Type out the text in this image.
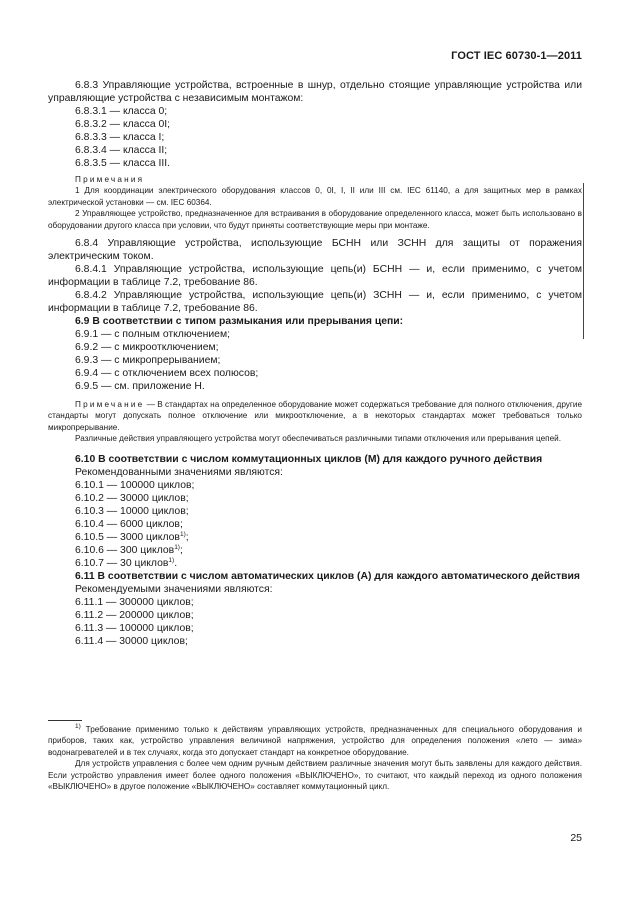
ГОСТ IEC 60730-1—2011

6.8.3 Управляющие устройства, встроенные в шнур, отдельно стоящие управляющие устройства или управляющие устройства с независимым монтажом:

6.8.3.1 — класса 0;
6.8.3.2 — класса 0I;
6.8.3.3 — класса I;
6.8.3.4 — класса II;
6.8.3.5 — класса III.

Примечания

1 Для координации электрического оборудования классов 0, 0I, I, II или III см. IEC 61140, а для защитных мер в рамках электрической установки — см. IEC 60364.

2 Управляющее устройство, предназначенное для встраивания в оборудование определенного класса, может быть использовано в оборудовании другого класса при условии, что будут приняты соответствующие меры при монтаже.

6.8.4 Управляющие устройства, использующие БСНН или ЗСНН для защиты от поражения электрическим током.

6.8.4.1 Управляющие устройства, использующие цепь(и) БСНН — и, если применимо, с учетом информации в таблице 7.2, требование 86.

6.8.4.2 Управляющие устройства, использующие цепь(и) ЗСНН — и, если применимо, с учетом информации в таблице 7.2, требование 86.

6.9 В соответствии с типом размыкания или прерывания цепи:

6.9.1 — с полным отключением;
6.9.2 — с микроотключением;
6.9.3 — с микропрерыванием;
6.9.4 — с отключением всех полюсов;
6.9.5 — см. приложение Н.

Примечание — В стандартах на определенное оборудование может содержаться требование для полного отключения, другие стандарты могут допускать полное отключение или микроотключение, а в некоторых стандартах может требоваться только микропрерывание.

Различные действия управляющего устройства могут обеспечиваться различными типами отключения или прерывания цепей.

6.10 В соответствии с числом коммутационных циклов (М) для каждого ручного действия

Рекомендованными значениями являются:

6.10.1 — 100000 циклов;
6.10.2 — 30000 циклов;
6.10.3 — 10000 циклов;
6.10.4 — 6000 циклов;
6.10.5 — 3000 циклов$^{1)}$;
6.10.6 — 300 циклов$^{1)}$;
6.10.7 — 30 циклов$^{1)}$.

6.11 В соответствии с числом автоматических циклов (А) для каждого автоматического действия

Рекомендуемыми значениями являются:

6.11.1 — 300000 циклов;
6.11.2 — 200000 циклов;
6.11.3 — 100000 циклов;
6.11.4 — 30000 циклов;

$^{1)}$ Требование применимо только к действиям управляющих устройств, предназначенных для специального оборудования и приборов, таких как, устройство управления величиной напряжения, устройство для определения положения «лето — зима» водонагревателей и в тех случаях, когда это допускает стандарт на конкретное оборудование.

Для устройств управления с более чем одним ручным действием различные значения могут быть заявлены для каждого действия. Если устройство управления имеет более одного положения «ВЫКЛЮЧЕНО», то считают, что каждый переход из одного положения «ВЫКЛЮЧЕНО» в другое положение «ВЫКЛЮЧЕНО» составляет коммутационный цикл.

25
